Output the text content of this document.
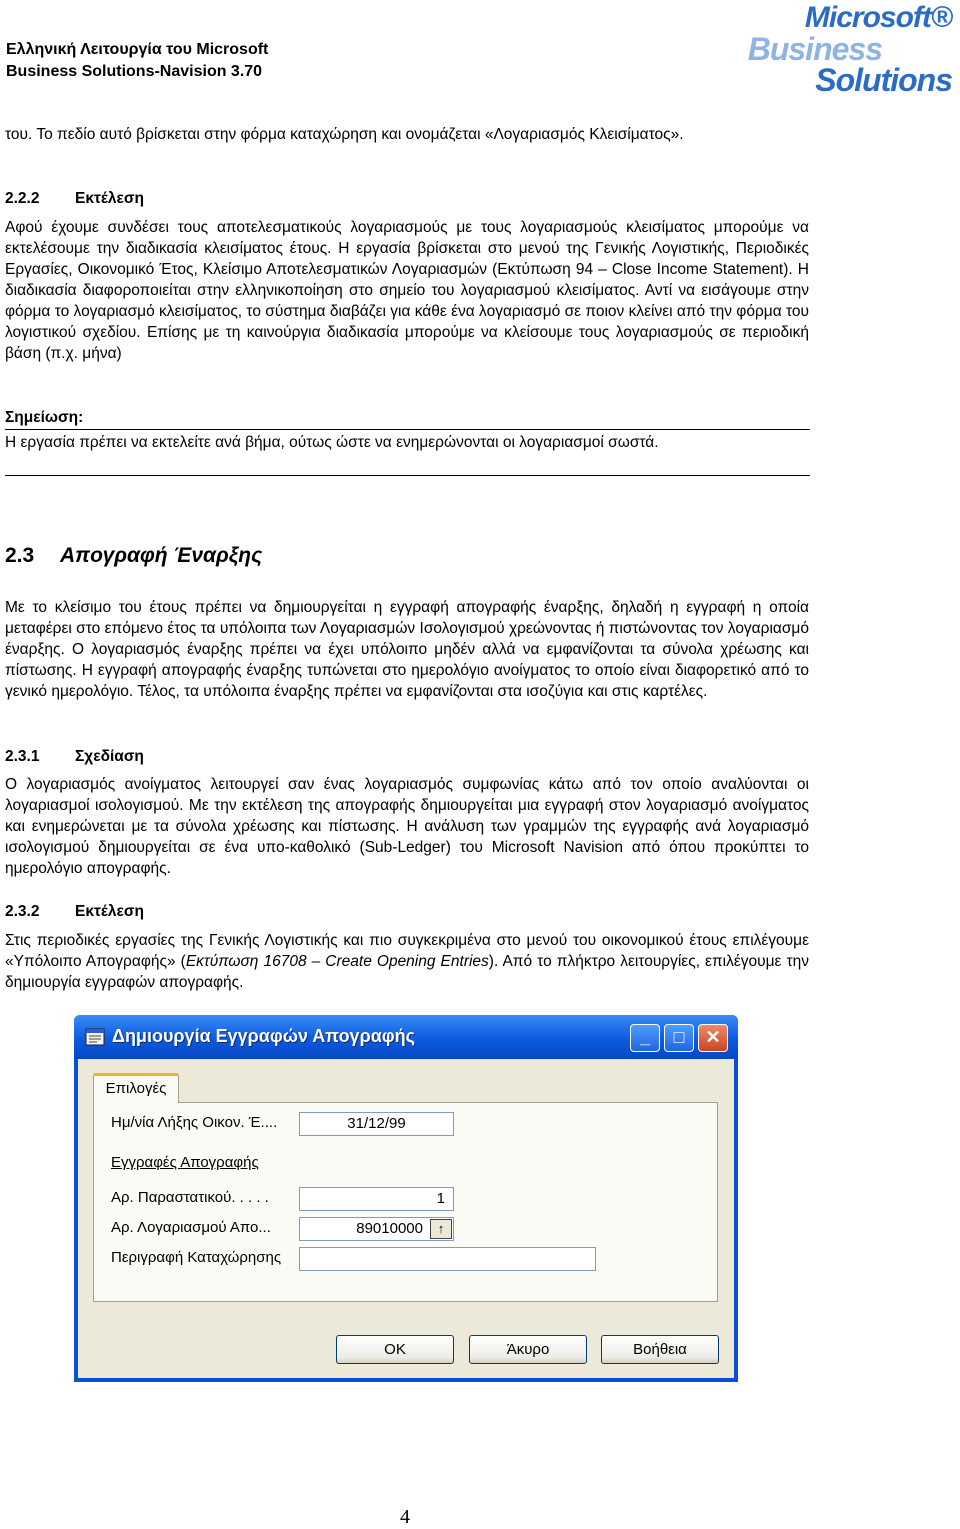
Ελληνική Λειτουργία του Microsoft
Business Solutions-Navision 3.70
Microsoft®
Business
Solutions
του. Το πεδίο αυτό βρίσκεται στην φόρμα καταχώρηση και ονομάζεται «Λογαριασμός Κλεισίματος».
2.2.2 Εκτέλεση
Αφού έχουμε συνδέσει τους αποτελεσματικούς λογαριασμούς με τους λογαριασμούς κλεισίματος μπορούμε να εκτελέσουμε την διαδικασία κλεισίματος έτους. Η εργασία βρίσκεται στο μενού της Γενικής Λογιστικής, Περιοδικές Εργασίες, Οικονομικό Έτος, Κλείσιμο Αποτελεσματικών Λογαριασμών (Εκτύπωση 94 – Close Income Statement). Η διαδικασία διαφοροποιείται στην ελληνικοποίηση στο σημείο του λογαριασμού κλεισίματος. Αντί να εισάγουμε στην φόρμα το λογαριασμό κλεισίματος, το σύστημα διαβάζει για κάθε ένα λογαριασμό σε ποιον κλείνει από την φόρμα του λογιστικού σχεδίου. Επίσης με τη καινούργια διαδικασία μπορούμε να κλείσουμε τους λογαριασμούς σε περιοδική βάση (π.χ. μήνα)
Σημείωση:
Η εργασία πρέπει να εκτελείτε ανά βήμα, ούτως ώστε να ενημερώνονται οι λογαριασμοί σωστά.
2.3 Απογραφή Έναρξης
Με το κλείσιμο του έτους πρέπει να δημιουργείται η εγγραφή απογραφής έναρξης, δηλαδή η εγγραφή η οποία μεταφέρει στο επόμενο έτος τα υπόλοιπα των Λογαριασμών Ισολογισμού χρεώνοντας ή πιστώνοντας τον λογαριασμό έναρξης. Ο λογαριασμός έναρξης πρέπει να έχει υπόλοιπο μηδέν αλλά να εμφανίζονται τα σύνολα χρέωσης και πίστωσης. Η εγγραφή απογραφής έναρξης τυπώνεται στο ημερολόγιο ανοίγματος το οποίο είναι διαφορετικό από το γενικό ημερολόγιο. Τέλος, τα υπόλοιπα έναρξης πρέπει να εμφανίζονται στα ισοζύγια και στις καρτέλες.
2.3.1 Σχεδίαση
Ο λογαριασμός ανοίγματος λειτουργεί σαν ένας λογαριασμός συμφωνίας κάτω από τον οποίο αναλύονται οι λογαριασμοί ισολογισμού. Με την εκτέλεση της απογραφής δημιουργείται μια εγγραφή στον λογαριασμό ανοίγματος και ενημερώνεται με τα σύνολα χρέωσης και πίστωσης. Η ανάλυση των γραμμών της εγγραφής ανά λογαριασμό ισολογισμού δημιουργείται σε ένα υπο-καθολικό (Sub-Ledger) του Microsoft Navision από όπου προκύπτει το ημερολόγιο απογραφής.
2.3.2 Εκτέλεση
Στις περιοδικές εργασίες της Γενικής Λογιστικής και πιο συγκεκριμένα στο μενού του οικονομικού έτους επιλέγουμε «Υπόλοιπο Απογραφής» (Εκτύπωση 16708 – Create Opening Entries). Από το πλήκτρο λειτουργίες, επιλέγουμε την δημιουργία εγγραφών απογραφής.
Δημιουργία Εγγραφών Απογραφής	_	□	✕
Επιλογές
Ημ/νία Λήξης Οικον. Έ....	31/12/99
Εγγραφές Απογραφής
Αρ. Παραστατικού. . . . .	1
Αρ. Λογαριασμού Απο...	89010000	↑
Περιγραφή Καταχώρησης
OK	Άκυρο	Βοήθεια
4
